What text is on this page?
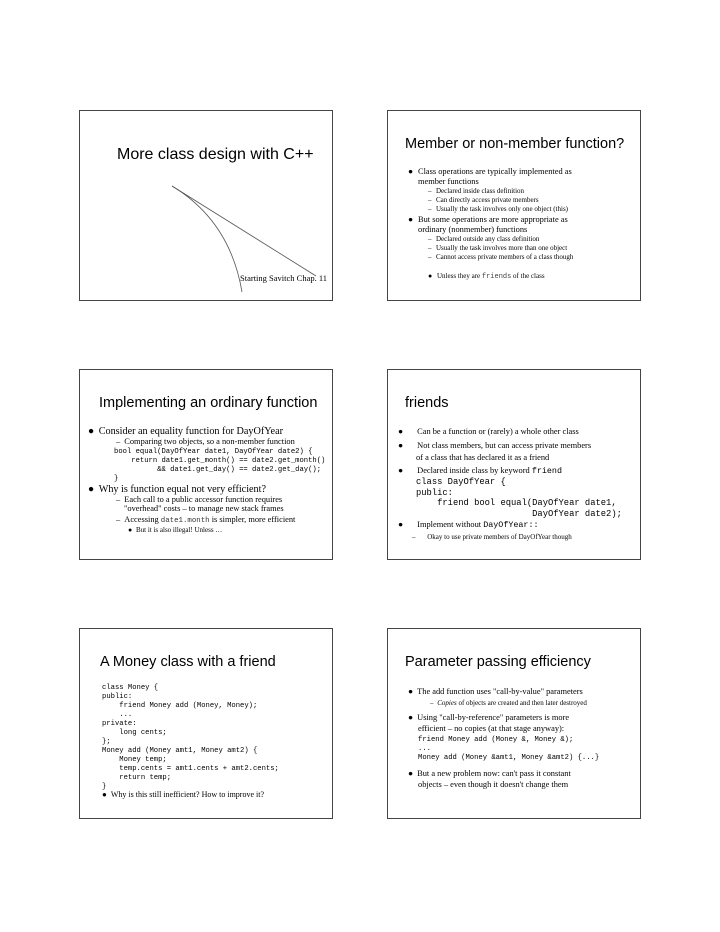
More class design with C++
Starting Savitch Chap. 11
Member or non-member function?
● Class operations are typically implemented as
member functions
– Declared inside class definition
– Can directly access private members
– Usually the task involves only one object (this)
● But some operations are more appropriate as
ordinary (nonmember) functions
– Declared outside any class definition
– Usually the task involves more than one object
– Cannot access private members of a class though
● Unless they are friends of the class
Implementing an ordinary function
● Consider an equality function for DayOfYear
– Comparing two objects, so a non-member function
bool equal(DayOfYear date1, DayOfYear date2) {
return date1.get_month() == date2.get_month()
&& date1.get_day() == date2.get_day();
}
● Why is function equal not very efficient?
– Each call to a public accessor function requires
"overhead" costs – to manage new stack frames
– Accessing date1.month is simpler, more efficient
● But it is also illegal! Unless …
friends
● Can be a function or (rarely) a whole other class
● Not class members, but can access private members
of a class that has declared it as a friend
● Declared inside class by keyword friend
class DayOfYear {
public:
friend bool equal(DayOfYear date1,
DayOfYear date2);
● Implement without DayOfYear::
– Okay to use private members of DayOfYear though
A Money class with a friend
class Money {
public:
friend Money add (Money, Money);
...
private:
long cents;
};
Money add (Money amt1, Money amt2) {
Money temp;
temp.cents = amt1.cents + amt2.cents;
return temp;
}
● Why is this still inefficient? How to improve it?
Parameter passing efficiency
● The add function uses "call-by-value" parameters
– Copies of objects are created and then later destroyed
● Using "call-by-reference" parameters is more
efficient – no copies (at that stage anyway):
friend Money add (Money &, Money &);
...
Money add (Money &amt1, Money &amt2) {...}
● But a new problem now: can't pass it constant
objects – even though it doesn't change them
